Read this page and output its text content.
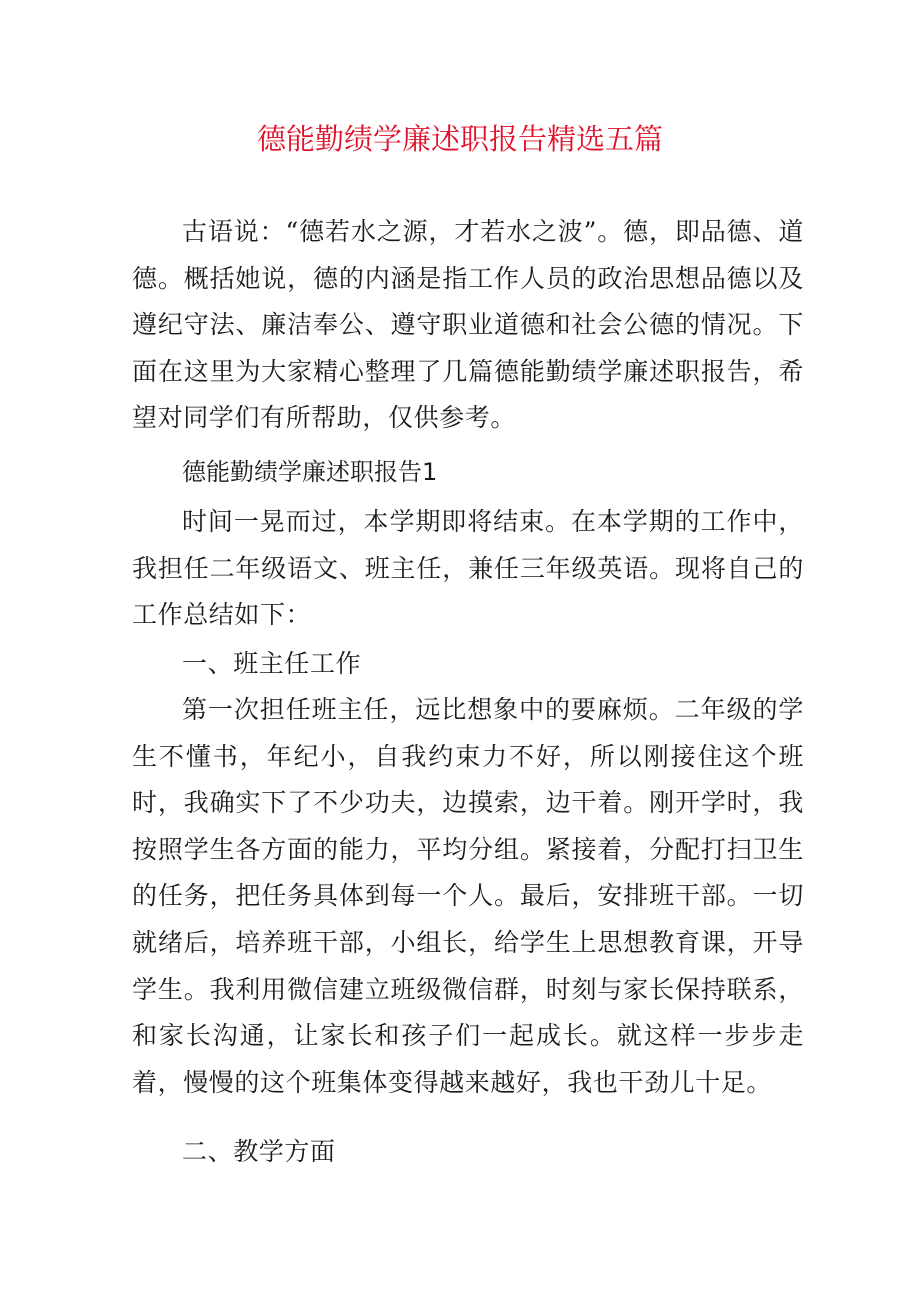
德能勤绩学廉述职报告精选五篇

古语说：“德若水之源，才若水之波”。德，即品德、道德。概括她说，德的内涵是指工作人员的政治思想品德以及遵纪守法、廉洁奉公、遵守职业道德和社会公德的情况。下面在这里为大家精心整理了几篇德能勤绩学廉述职报告，希望对同学们有所帮助，仅供参考。

德能勤绩学廉述职报告1

时间一晃而过，本学期即将结束。在本学期的工作中，我担任二年级语文、班主任，兼任三年级英语。现将自己的工作总结如下：

一、班主任工作

第一次担任班主任，远比想象中的要麻烦。二年级的学生不懂书，年纪小，自我约束力不好，所以刚接住这个班时，我确实下了不少功夫，边摸索，边干着。刚开学时，我按照学生各方面的能力，平均分组。紧接着，分配打扫卫生的任务，把任务具体到每一个人。最后，安排班干部。一切就绪后，培养班干部，小组长，给学生上思想教育课，开导学生。我利用微信建立班级微信群，时刻与家长保持联系，和家长沟通，让家长和孩子们一起成长。就这样一步步走着，慢慢的这个班集体变得越来越好，我也干劲儿十足。

二、教学方面
